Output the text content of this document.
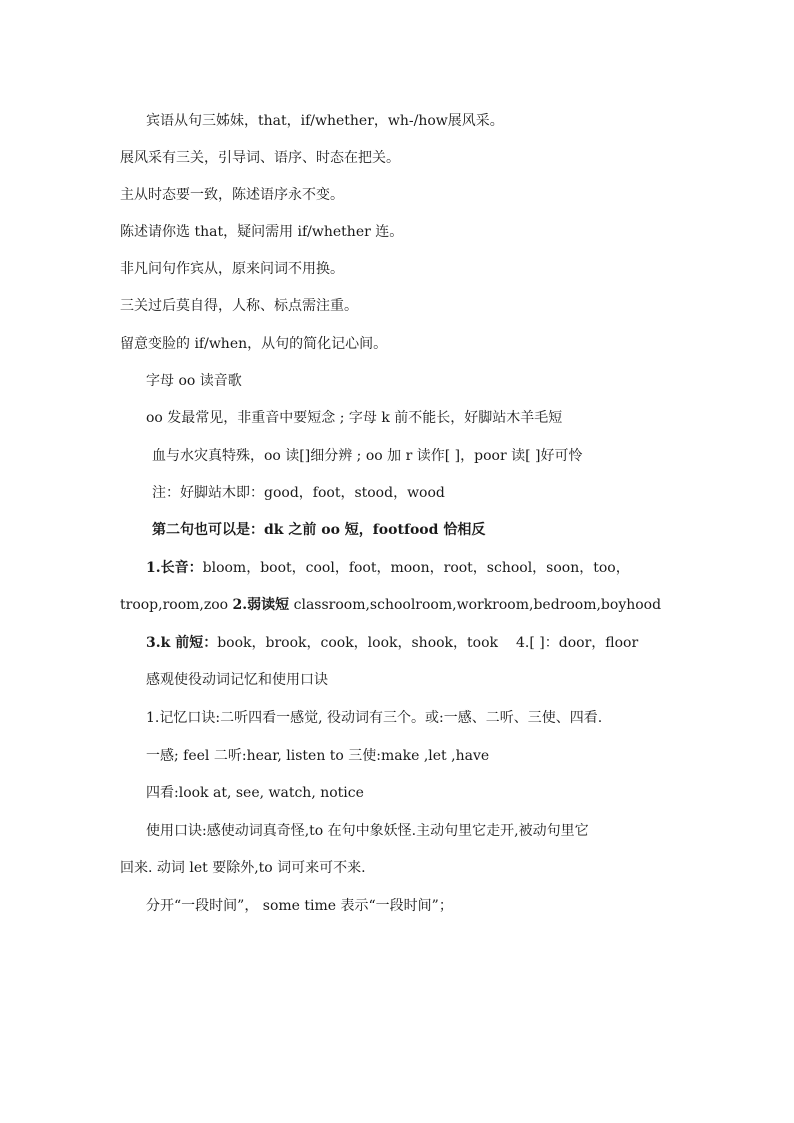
宾语从句三姊妹，that，if/whether，wh-/how展风采。
展风采有三关，引导词、语序、时态在把关。
主从时态要一致，陈述语序永不变。
陈述请你选 that，疑问需用 if/whether 连。
非凡问句作宾从，原来问词不用换。
三关过后莫自得，人称、标点需注重。
留意变脸的 if/when，从句的简化记心间。
字母 oo 读音歌
oo 发最常见，非重音中要短念 ; 字母 k 前不能长，好脚站木羊毛短
血与水灾真特殊，oo 读[]细分辨 ; oo 加 r 读作[ ]，poor 读[ ]好可怜
注：好脚站木即：good，foot，stood，wood
第二句也可以是：dk 之前 oo 短，footfood 恰相反
1.长音：bloom，boot，cool，foot，moon，root，school，soon，too，
troop,room,zoo 2.弱读短 classroom,schoolroom,workroom,bedroom,boyhood
3.k 前短：book，brook，cook，look，shook，took 4.[ ]：door，floor
感观使役动词记忆和使用口诀
1.记忆口诀:二听四看一感觉, 役动词有三个。或:一感、二听、三使、四看.
一感; feel 二听:hear, listen to 三使:make ,let ,have
四看:look at, see, watch, notice
使用口诀:感使动词真奇怪,to 在句中象妖怪.主动句里它走开,被动句里它
回来. 动词 let 要除外,to 词可来可不来.
分开“一段时间”， some time 表示“一段时间”；
